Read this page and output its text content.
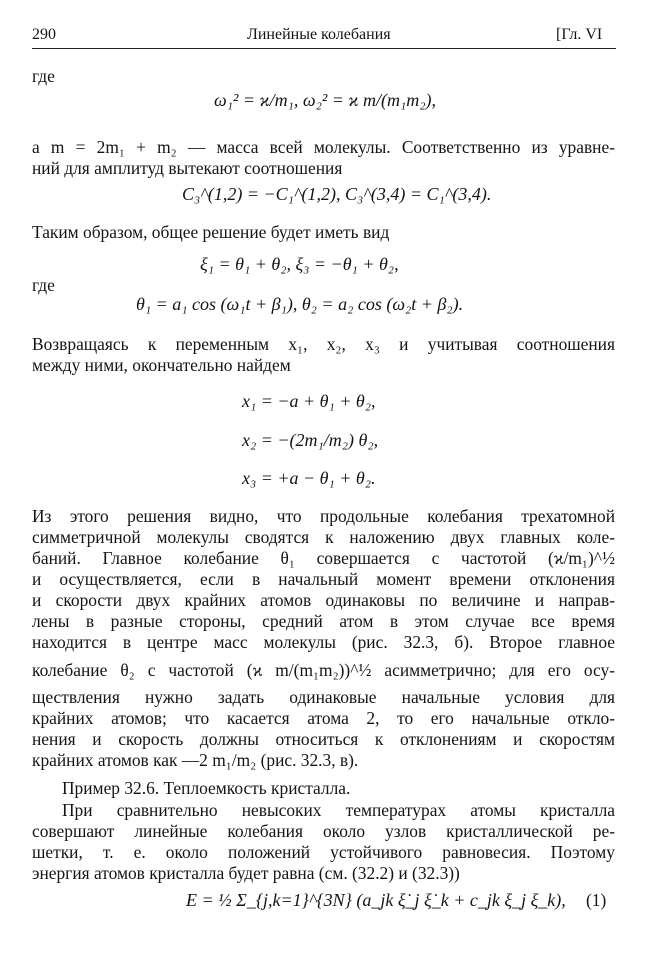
290	Линейные колебания	[Гл. VI
где
ω₁² = ϰ/m₁, ω₂² = ϰ m/(m₁m₂),
а m = 2m₁ + m₂ — масса всей молекулы. Соответственно из уравне-
ний для амплитуд вытекают соотношения
C₃^(1,2) = −C₁^(1,2), C₃^(3,4) = C₁^(3,4).
Таким образом, общее решение будет иметь вид
ξ₁ = θ₁ + θ₂, ξ₃ = −θ₁ + θ₂,
где
θ₁ = a₁ cos (ω₁t + β₁), θ₂ = a₂ cos (ω₂t + β₂).
Возвращаясь к переменным x₁, x₂, x₃ и учитывая соотношения
между ними, окончательно найдем
x₁ = −a + θ₁ + θ₂,
x₂ = −(2m₁/m₂) θ₂,
x₃ = +a − θ₁ + θ₂.
Из этого решения видно, что продольные колебания трехатомной
симметричной молекулы сводятся к наложению двух главных коле-
баний. Главное колебание θ₁ совершается с частотой (ϰ/m₁)^½
и осуществляется, если в начальный момент времени отклонения
и скорости двух крайних атомов одинаковы по величине и направ-
лены в разные стороны, средний атом в этом случае все время
находится в центре масс молекулы (рис. 32.3, б). Второе главное
колебание θ₂ с частотой (ϰ m/(m₁m₂))^½ асимметрично; для его осу-
ществления нужно задать одинаковые начальные условия для
крайних атомов; что касается атома 2, то его начальные откло-
нения и скорость должны относиться к отклонениям и скоростям
крайних атомов как —2 m₁/m₂ (рис. 32.3, в).
Пример 32.6. Теплоемкость кристалла.
При сравнительно невысоких температурах атомы кристалла
совершают линейные колебания около узлов кристаллической ре-
шетки, т. е. около положений устойчивого равновесия. Поэтому
энергия атомов кристалла будет равна (см. (32.2) и (32.3))
E = ½ Σ_{j,k=1}^{3N} (a_jk ξ̇_j ξ̇_k + c_jk ξ_j ξ_k), (1)
